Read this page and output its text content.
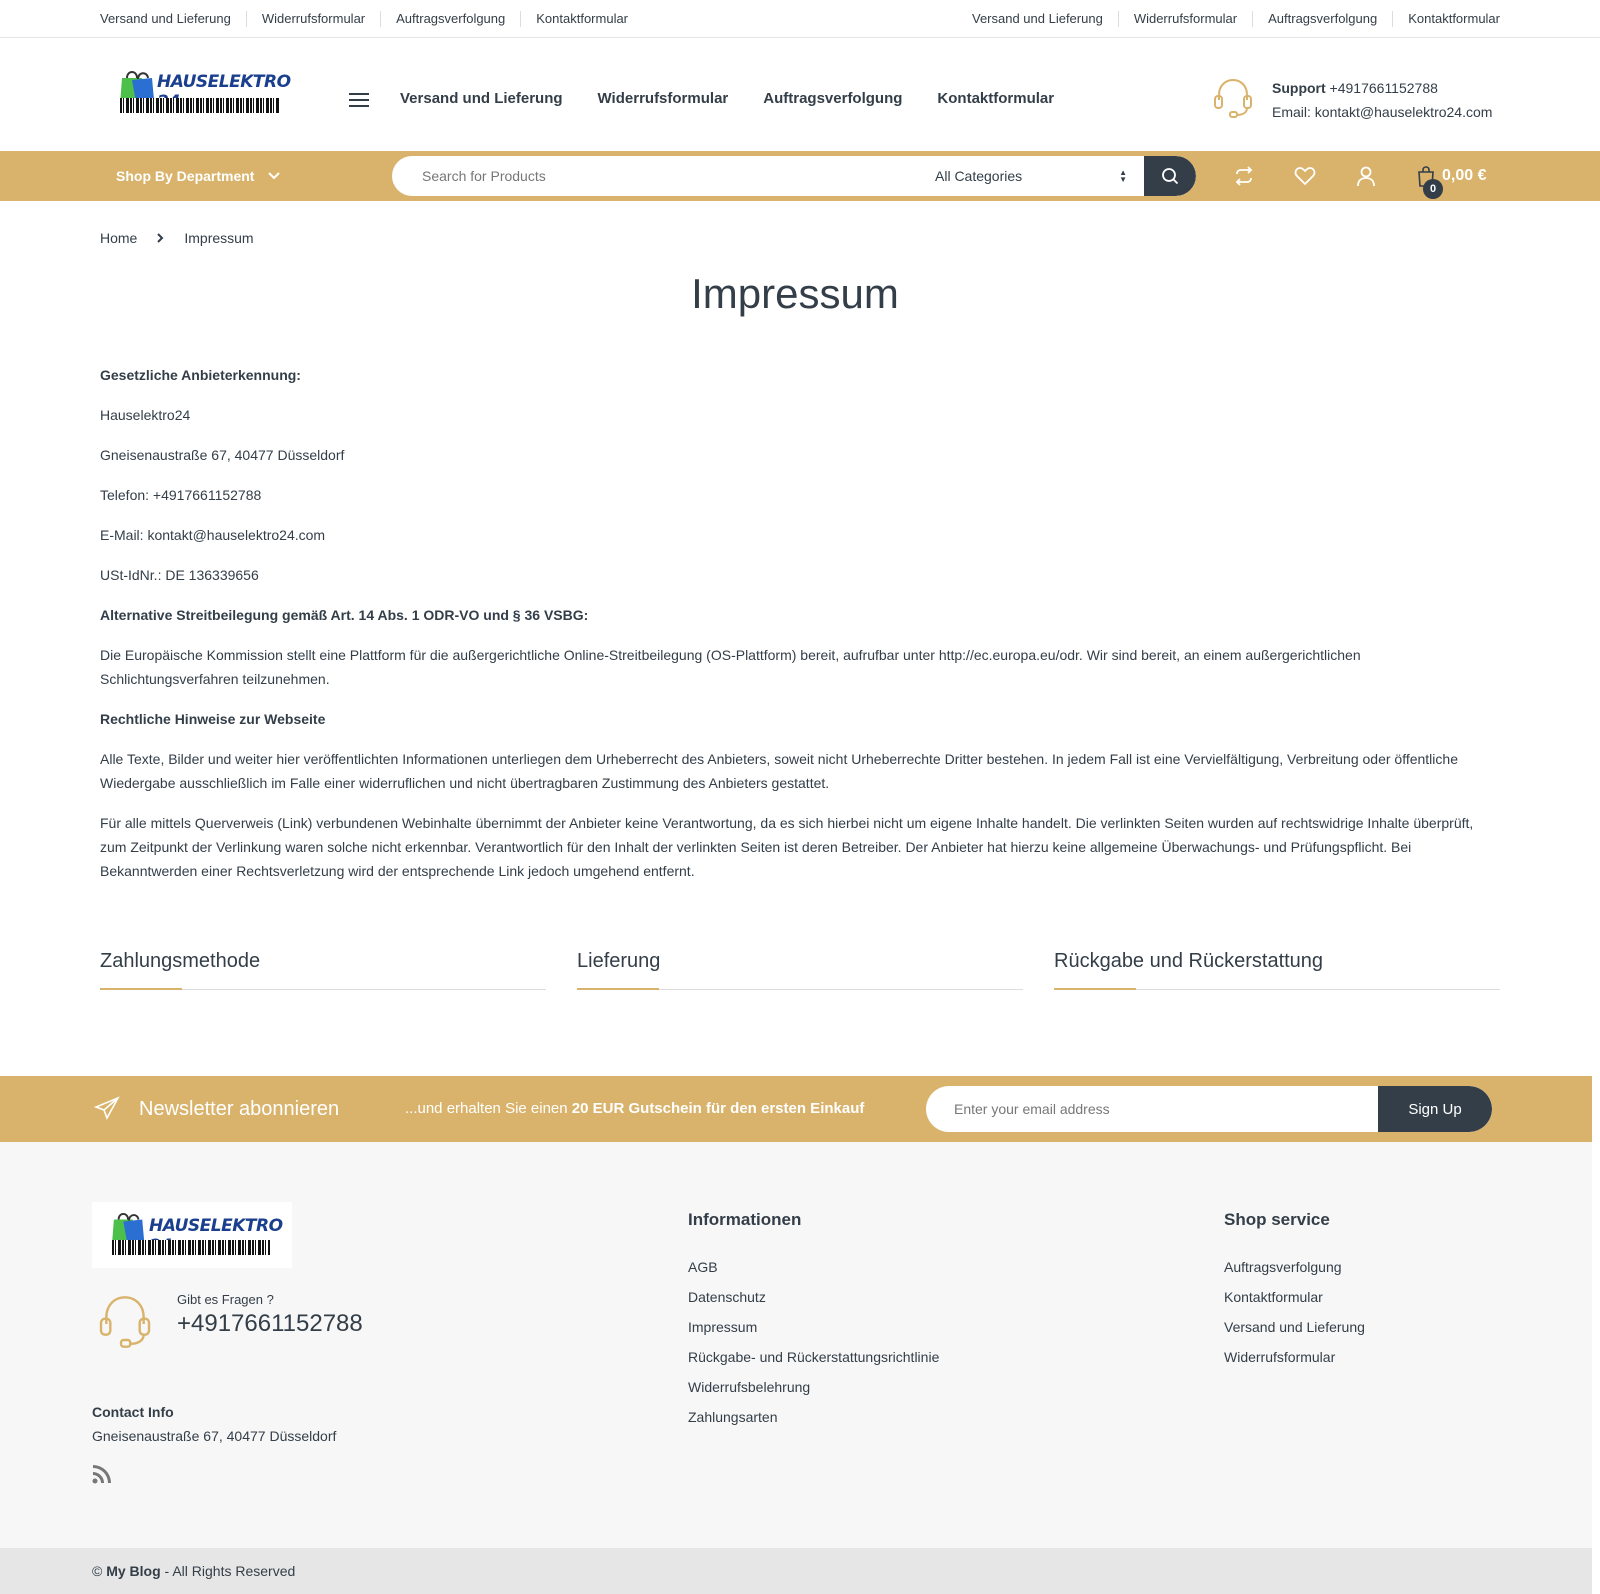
Versand und Lieferung	Widerrufsformular	Auftragsverfolgung	Kontaktformular	Versand und Lieferung	Widerrufsformular	Auftragsverfolgung	Kontaktformular
HAUSELEKTRO
Versand und Lieferung Widerrufsformular Auftragsverfolgung Kontaktformular
Support +4917661152788
Email: kontakt@hauselektro24.com
Shop By Department
Search for Products	All Categories	▲
▼
0
0,00 €
Home	Impressum
Impressum

Gesetzliche Anbieterkennung:

Hauselektro24

Gneisenaustraße 67, 40477 Düsseldorf

Telefon: +4917661152788

E-Mail: kontakt@hauselektro24.com

USt-IdNr.: DE 136339656

Alternative Streitbeilegung gemäß Art. 14 Abs. 1 ODR-VO und § 36 VSBG:

Die Europäische Kommission stellt eine Plattform für die außergerichtliche Online-Streitbeilegung (OS-Plattform) bereit, aufrufbar unter http://ec.europa.eu/odr. Wir sind bereit, an einem außergerichtlichen Schlichtungsverfahren teilzunehmen.

Rechtliche Hinweise zur Webseite

Alle Texte, Bilder und weiter hier veröffentlichten Informationen unterliegen dem Urheberrecht des Anbieters, soweit nicht Urheberrechte Dritter bestehen. In jedem Fall ist eine Vervielfältigung, Verbreitung oder öffentliche Wiedergabe ausschließlich im Falle einer widerruflichen und nicht übertragbaren Zustimmung des Anbieters gestattet.

Für alle mittels Querverweis (Link) verbundenen Webinhalte übernimmt der Anbieter keine Verantwortung, da es sich hierbei nicht um eigene Inhalte handelt. Die verlinkten Seiten wurden auf rechtswidrige Inhalte überprüft, zum Zeitpunkt der Verlinkung waren solche nicht erkennbar. Verantwortlich für den Inhalt der verlinkten Seiten ist deren Betreiber. Der Anbieter hat hierzu keine allgemeine Überwachungs- und Prüfungspflicht. Bei Bekanntwerden einer Rechtsverletzung wird der entsprechende Link jedoch umgehend entfernt.

Zahlungsmethode	Lieferung	Rückgabe und Rückerstattung
Newsletter abonnieren	...und erhalten Sie einen 20 EUR Gutschein für den ersten Einkauf
Enter your email address	Sign Up
HAUSELEKTRO
Gibt es Fragen ?
+4917661152788
Contact Info
Gneisenaustraße 67, 40477 Düsseldorf
Informationen
AGB
Datenschutz
Impressum
Rückgabe- und Rückerstattungsrichtlinie
Widerrufsbelehrung
Zahlungsarten
Shop service
Auftragsverfolgung
Kontaktformular
Versand und Lieferung
Widerrufsformular
© My Blog - All Rights Reserved
